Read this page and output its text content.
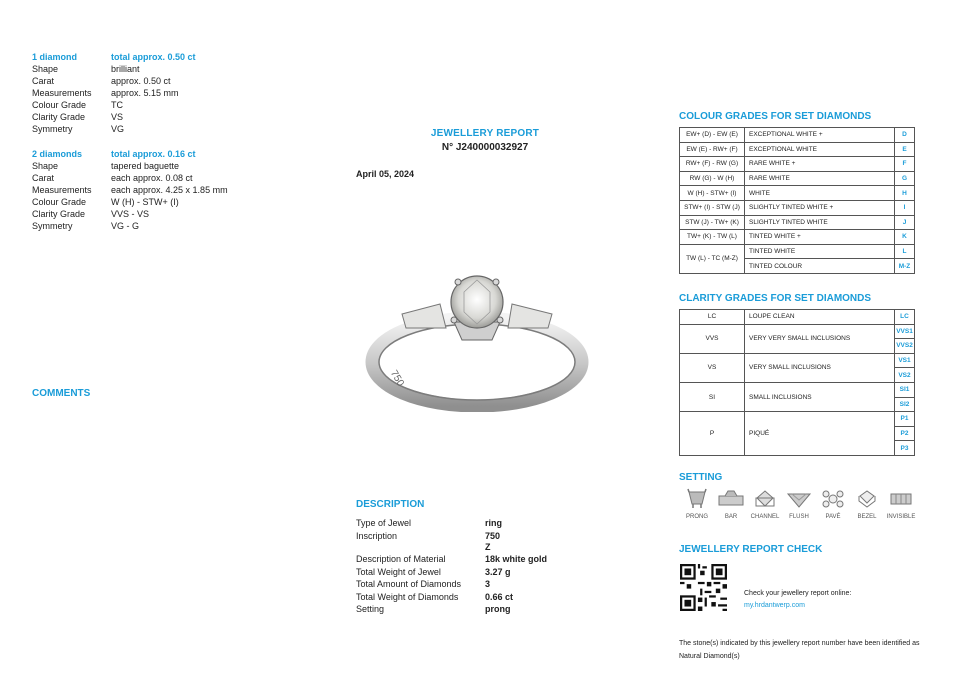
1 diamond	total approx. 0.50 ct
Shape	brilliant
Carat	approx. 0.50 ct
Measurements	approx. 5.15 mm
Colour Grade	TC
Clarity Grade	VS
Symmetry	VG
2 diamonds	total approx. 0.16 ct
Shape	tapered baguette
Carat	each approx. 0.08 ct
Measurements	each approx. 4.25 x 1.85 mm
Colour Grade	W (H) - STW+ (I)
Clarity Grade	VVS - VS
Symmetry	VG - G
COMMENTS
JEWELLERY REPORT
N° J240000032927
April 05, 2024
750
DESCRIPTION
Type of Jewel	ring
Inscription	750
Z
Description of Material	18k white gold
Total Weight of Jewel	3.27 g
Total Amount of Diamonds	3
Total Weight of Diamonds	0.66 ct
Setting	prong
COLOUR GRADES FOR SET DIAMONDS
EW+ (D) - EW (E)	EXCEPTIONAL WHITE +	D
EW (E) - RW+ (F)	EXCEPTIONAL WHITE	E
RW+ (F) - RW (G)	RARE WHITE +	F
RW (G) - W (H)	RARE WHITE	G
W (H) - STW+ (I)	WHITE	H
STW+ (I) - STW (J)	SLIGHTLY TINTED WHITE +	I
STW (J) - TW+ (K)	SLIGHTLY TINTED WHITE	J
TW+ (K) - TW (L)	TINTED WHITE +	K
TW (L) - TC (M-Z)	TINTED WHITE	L
	TINTED COLOUR	M-Z
CLARITY GRADES FOR SET DIAMONDS
LC	LOUPE CLEAN	LC
VVS	VERY VERY SMALL INCLUSIONS	VVS1
		VVS2
VS	VERY SMALL INCLUSIONS	VS1
		VS2
SI	SMALL INCLUSIONS	SI1
		SI2
P	PIQUÉ	P1
		P2
		P3
SETTING
PRONG	BAR	CHANNEL	FLUSH	PAVÉ	BEZEL	INVISIBLE
JEWELLERY REPORT CHECK
Check your jewellery report online:
my.hrdantwerp.com
The stone(s) indicated by this jewellery report number have been identified as Natural Diamond(s)
